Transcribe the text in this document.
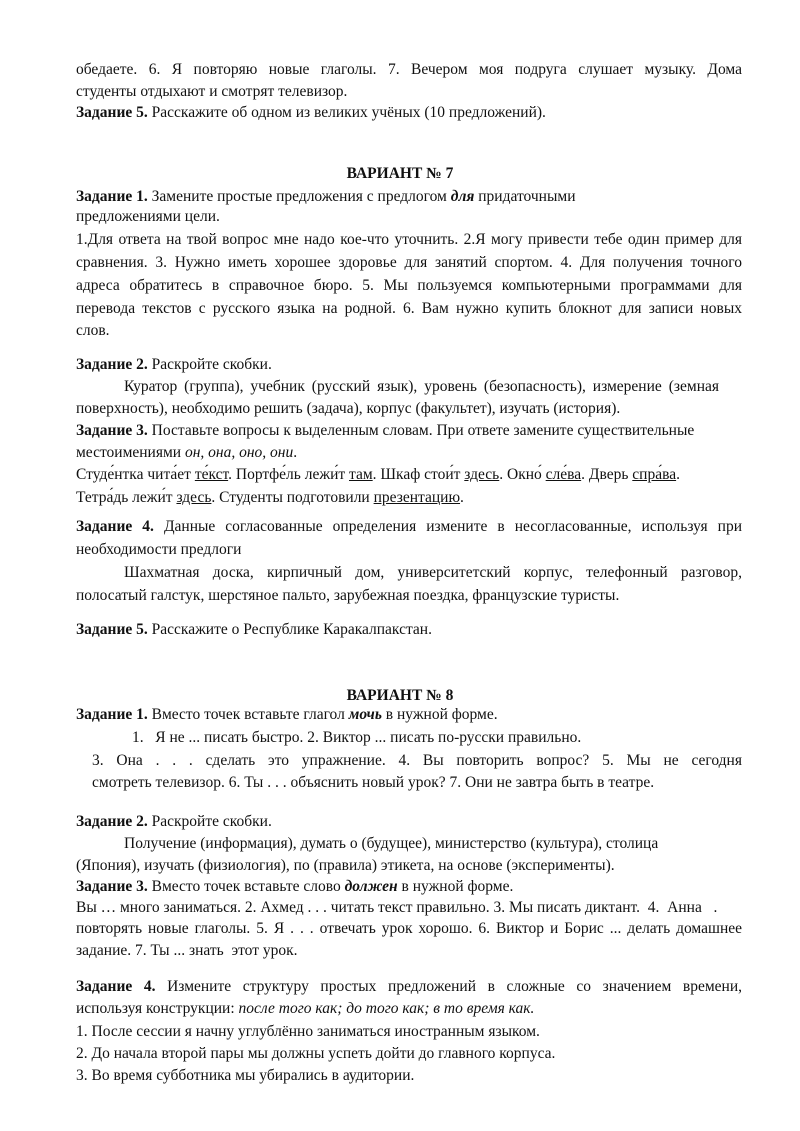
обедаете. 6. Я повторяю новые глаголы. 7. Вечером моя подруга слушает музыку. Дома
студенты отдыхают и смотрят телевизор.
Задание 5. Расскажите об одном из великих учёных (10 предложений).
ВАРИАНТ № 7
Задание 1. Замените простые предложения с предлогом для придаточными
предложениями цели.
1.Для ответа на твой вопрос мне надо кое-что уточнить. 2.Я могу привести тебе один пример для
сравнения. 3. Нужно иметь хорошее здоровье для занятий спортом. 4. Для получения точного
адреса обратитесь в справочное бюро. 5. Мы пользуемся компьютерными программами для
перевода текстов с русского языка на родной. 6. Вам нужно купить блокнот для записи новых
слов.
Задание 2. Раскройте скобки.
Куратор (группа), учебник (русский язык), уровень (безопасность), измерение (земная
поверхность), необходимо решить (задача), корпус (факультет), изучать (история).
Задание 3. Поставьте вопросы к выделенным словам. При ответе замените существительные
местоимениями он, она, оно, они.
Студе́нтка чита́ет те́кст. Портфе́ль лежи́т там. Шкаф стои́т здесь. Окно́ сле́ва. Дверь спра́ва.
Тетра́дь лежи́т здесь. Студенты подготовили презентацию.
Задание 4. Данные согласованные определения измените в несогласованные, используя при
необходимости предлоги
Шахматная доска, кирпичный дом, университетский корпус, телефонный разговор,
полосатый галстук, шерстяное пальто, зарубежная поездка, французские туристы.
Задание 5. Расскажите о Республике Каракалпакстан.
ВАРИАНТ № 8
Задание 1. Вместо точек вставьте глагол мочь в нужной форме.
1.   Я не ... писать быстро. 2. Виктор ... писать по-русски правильно.
3. Она . . . сделать это упражнение. 4. Вы повторить вопрос? 5. Мы не сегодня
смотреть телевизор. 6. Ты . . . объяснить новый урок? 7. Они не завтра быть в театре.
Задание 2. Раскройте скобки.
Получение (информация), думать о (будущее), министерство (культура), столица
(Япония), изучать (физиология), по (правила) этикета, на основе (эксперименты).
Задание 3. Вместо точек вставьте слово должен в нужной форме.
Вы … много заниматься. 2. Ахмед . . . читать текст правильно. 3. Мы писать диктант.  4.  Анна   .
повторять новые глаголы. 5. Я . . . отвечать урок хорошо. 6. Виктор и Борис ... делать домашнее
задание. 7. Ты ... знать  этот урок.
Задание 4. Измените структуру простых предложений в сложные со значением времени,
используя конструкции: после того как; до того как; в то время как.
1. После сессии я начну углублённо заниматься иностранным языком.
2. До начала второй пары мы должны успеть дойти до главного корпуса.
3. Во время субботника мы убирались в аудитории.
